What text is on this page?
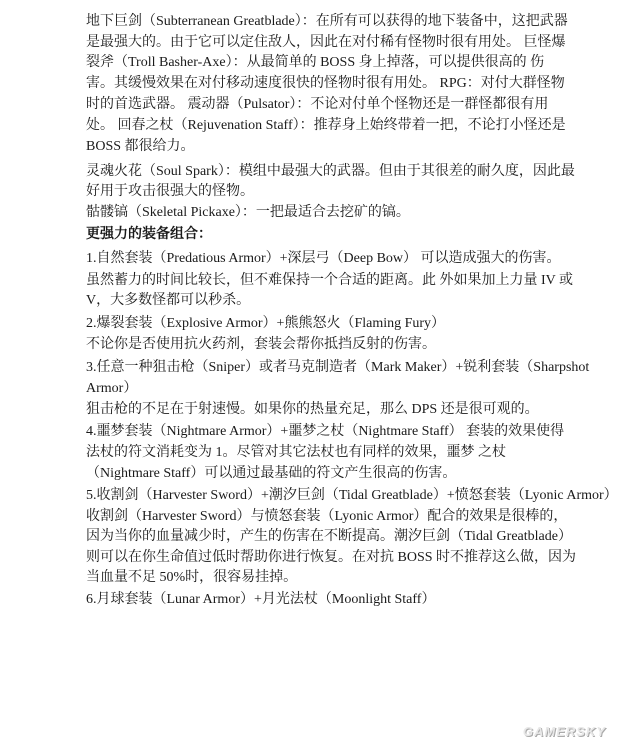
地下巨剑（Subterranean Greatblade）：在所有可以获得的地下装备中，这把武器
是最强大的。由于它可以定住敌人，因此在对付稀有怪物时很有用处。 巨怪爆
裂斧（Troll Basher-Axe）：从最简单的 BOSS 身上掉落，可以提供很高的 伤
害。其缓慢效果在对付移动速度很快的怪物时很有用处。 RPG：对付大群怪物
时的首选武器。 震动器（Pulsator）：不论对付单个怪物还是一群怪都很有用
处。 回春之杖（Rejuvenation Staff）：推荐身上始终带着一把，不论打小怪还是
BOSS 都很给力。
灵魂火花（Soul Spark）：模组中最强大的武器。但由于其很差的耐久度，因此最
好用于攻击很强大的怪物。
骷髅镐（Skeletal Pickaxe）：一把最适合去挖矿的镐。
更强力的装备组合：
1.自然套装（Predatious Armor）+深层弓（Deep Bow） 可以造成强大的伤害。
虽然蓄力的时间比较长，但不难保持一个合适的距离。此 外如果加上力量 IV 或
V，大多数怪都可以秒杀。
2.爆裂套装（Explosive Armor）+熊熊怒火（Flaming Fury）
不论你是否使用抗火药剂，套装会帮你抵挡反射的伤害。
3.任意一种狙击枪（Sniper）或者马克制造者（Mark Maker）+锐利套装（Sharpshot
Armor）
狙击枪的不足在于射速慢。如果你的热量充足，那么 DPS 还是很可观的。
4.噩梦套装（Nightmare Armor）+噩梦之杖（Nightmare Staff） 套装的效果使得
法杖的符文消耗变为 1。尽管对其它法杖也有同样的效果，噩梦 之杖
（Nightmare Staff）可以通过最基础的符文产生很高的伤害。
5.收割剑（Harvester Sword）+潮汐巨剑（Tidal Greatblade）+愤怒套装（Lyonic Armor）
收割剑（Harvester Sword）与愤怒套装（Lyonic Armor）配合的效果是很棒的，
因为当你的血量减少时，产生的伤害在不断提高。潮汐巨剑（Tidal Greatblade）
则可以在你生命值过低时帮助你进行恢复。在对抗 BOSS 时不推荐这么做，因为
当血量不足 50%时，很容易挂掉。
6.月球套装（Lunar Armor）+月光法杖（Moonlight Staff）
GAMERSKY
